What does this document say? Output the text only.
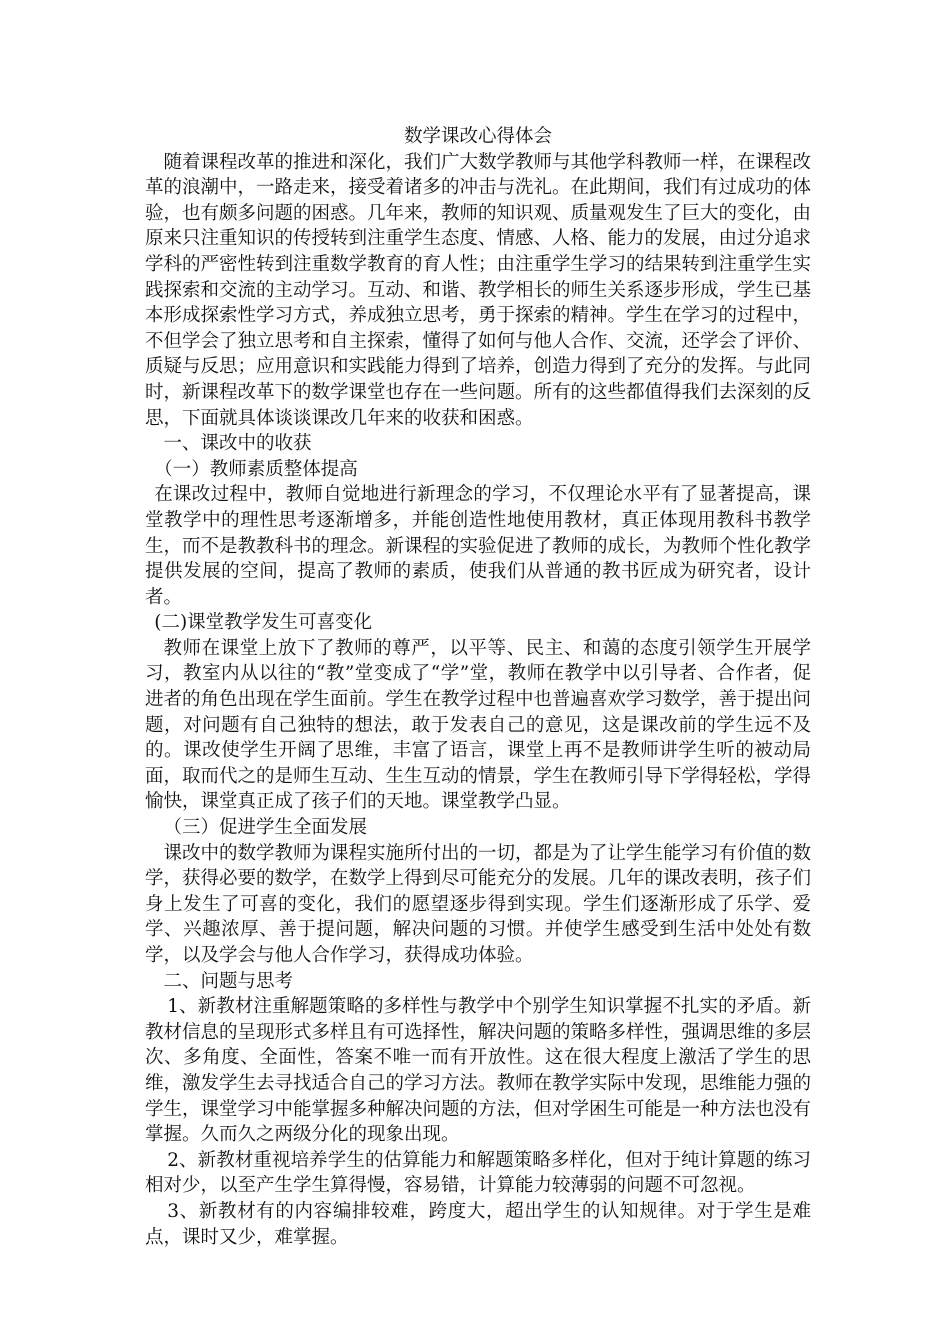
数学课改心得体会

随着课程改革的推进和深化，我们广大数学教师与其他学科教师一样，在课程改革的浪潮中，一路走来，接受着诸多的冲击与洗礼。在此期间，我们有过成功的体验，也有颇多问题的困惑。几年来，教师的知识观、质量观发生了巨大的变化，由原来只注重知识的传授转到注重学生态度、情感、人格、能力的发展，由过分追求学科的严密性转到注重数学教育的育人性；由注重学生学习的结果转到注重学生实践探索和交流的主动学习。互动、和谐、教学相长的师生关系逐步形成，学生已基本形成探索性学习方式，养成独立思考，勇于探索的精神。学生在学习的过程中，不但学会了独立思考和自主探索，懂得了如何与他人合作、交流，还学会了评价、质疑与反思；应用意识和实践能力得到了培养，创造力得到了充分的发挥。与此同时，新课程改革下的数学课堂也存在一些问题。所有的这些都值得我们去深刻的反思，下面就具体谈谈课改几年来的收获和困惑。

一、课改中的收获

（一）教师素质整体提高

在课改过程中，教师自觉地进行新理念的学习，不仅理论水平有了显著提高，课堂教学中的理性思考逐渐增多，并能创造性地使用教材，真正体现用教科书教学生，而不是教教科书的理念。新课程的实验促进了教师的成长，为教师个性化教学提供发展的空间，提高了教师的素质，使我们从普通的教书匠成为研究者，设计者。

(二)课堂教学发生可喜变化

教师在课堂上放下了教师的尊严，以平等、民主、和蔼的态度引领学生开展学习，教室内从以往的“教”堂变成了“学”堂，教师在教学中以引导者、合作者，促进者的角色出现在学生面前。学生在教学过程中也普遍喜欢学习数学，善于提出问题，对问题有自己独特的想法，敢于发表自己的意见，这是课改前的学生远不及的。课改使学生开阔了思维，丰富了语言，课堂上再不是教师讲学生听的被动局面，取而代之的是师生互动、生生互动的情景，学生在教师引导下学得轻松，学得愉快，课堂真正成了孩子们的天地。课堂教学凸显。

（三）促进学生全面发展

课改中的数学教师为课程实施所付出的一切，都是为了让学生能学习有价值的数学，获得必要的数学，在数学上得到尽可能充分的发展。几年的课改表明，孩子们身上发生了可喜的变化，我们的愿望逐步得到实现。学生们逐渐形成了乐学、爱学、兴趣浓厚、善于提问题，解决问题的习惯。并使学生感受到生活中处处有数学，以及学会与他人合作学习，获得成功体验。

二、问题与思考

1、新教材注重解题策略的多样性与教学中个别学生知识掌握不扎实的矛盾。新教材信息的呈现形式多样且有可选择性，解决问题的策略多样性，强调思维的多层次、多角度、全面性，答案不唯一而有开放性。这在很大程度上激活了学生的思维，激发学生去寻找适合自己的学习方法。教师在教学实际中发现，思维能力强的学生，课堂学习中能掌握多种解决问题的方法，但对学困生可能是一种方法也没有掌握。久而久之两级分化的现象出现。

2、新教材重视培养学生的估算能力和解题策略多样化，但对于纯计算题的练习相对少，以至产生学生算得慢，容易错，计算能力较薄弱的问题不可忽视。

3、新教材有的内容编排较难，跨度大，超出学生的认知规律。对于学生是难点，课时又少，难掌握。
